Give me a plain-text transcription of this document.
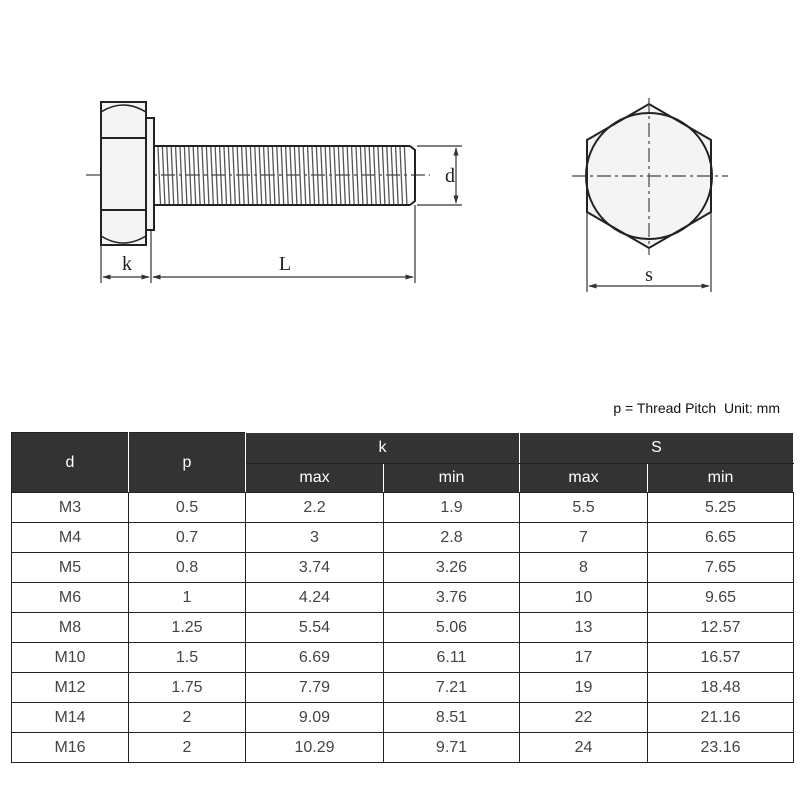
k	L
d
s
p = Thread Pitch  Unit: mm
d	p	k		S	
		max	min	max	min
M3	0.5	2.2	1.9	5.5	5.25
M4	0.7	3	2.8	7	6.65
M5	0.8	3.74	3.26	8	7.65
M6	1	4.24	3.76	10	9.65
M8	1.25	5.54	5.06	13	12.57
M10	1.5	6.69	6.11	17	16.57
M12	1.75	7.79	7.21	19	18.48
M14	2	9.09	8.51	22	21.16
M16	2	10.29	9.71	24	23.16
